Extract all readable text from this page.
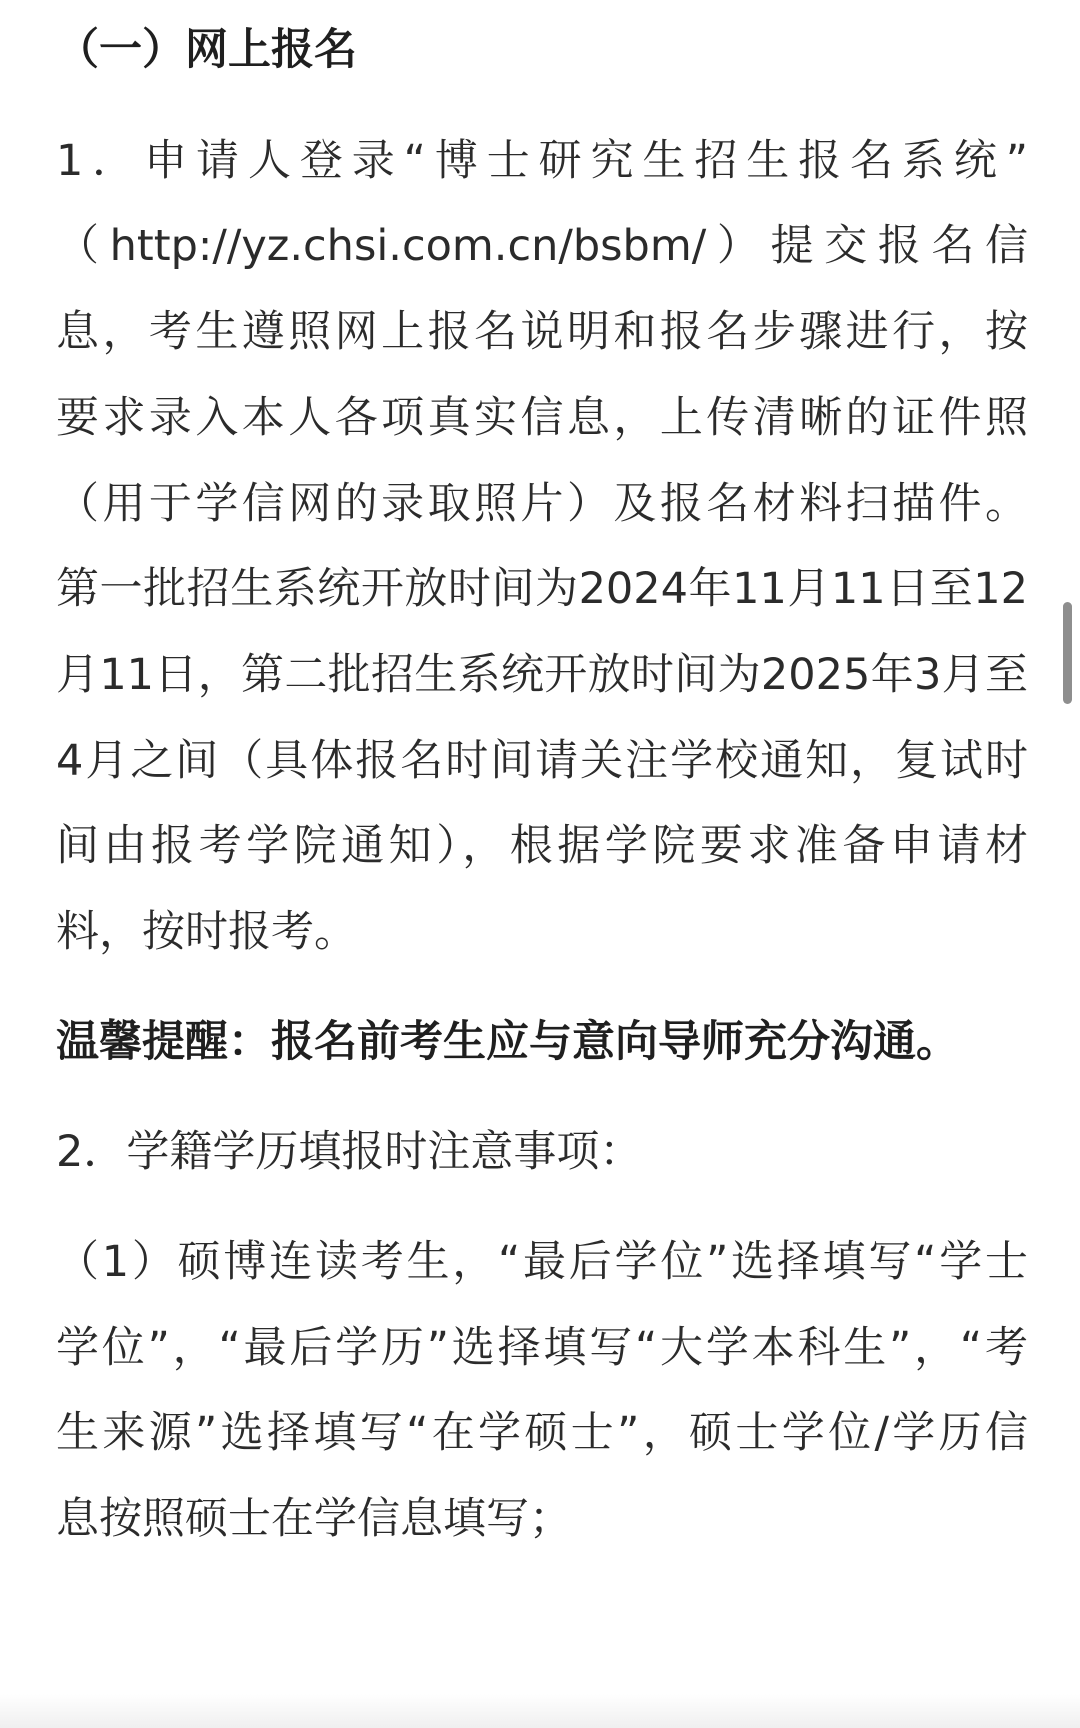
（一）网上报名
1．申请人登录“博士研究生招生报名系统”
（http://yz.chsi.com.cn/bsbm/）提交报名信
息，考生遵照网上报名说明和报名步骤进行，按
要求录入本人各项真实信息，上传清晰的证件照
（用于学信网的录取照片）及报名材料扫描件。
第一批招生系统开放时间为2024年11月11日至12
月11日，第二批招生系统开放时间为2025年3月至
4月之间（具体报名时间请关注学校通知，复试时
间由报考学院通知），根据学院要求准备申请材
料，按时报考。
温馨提醒：报名前考生应与意向导师充分沟通。
2．学籍学历填报时注意事项：
（1）硕博连读考生，“最后学位”选择填写“学士
学位”，“最后学历”选择填写“大学本科生”，“考
生来源”选择填写“在学硕士”，硕士学位/学历信
息按照硕士在学信息填写；
